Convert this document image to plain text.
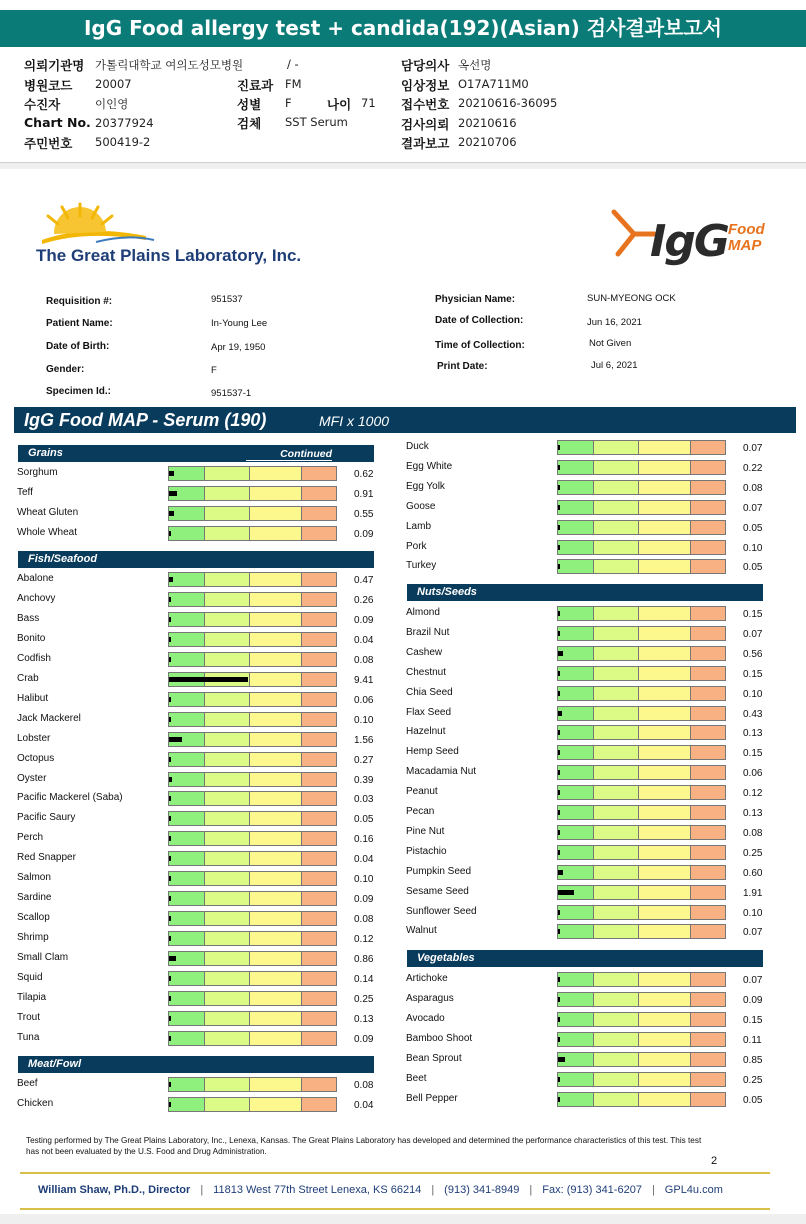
IgG Food allergy test + candida(192)(Asian) 검사결과보고서
의뢰기관명 가톨릭대학교 여의도성모병원	/ -
병원코드 20007
수진자	이인영
Chart No. 20377924
주민번호 500419-2
진료과 FM
성별 F	나이 71
검체 SST Serum
담당의사 옥선명
임상정보 O17A711M0
접수번호 20210616-36095
검사의뢰 20210616
결과보고 20210706
The Great Plains Laboratory, Inc.	IgG Food
MAP
Requisition #:	951537
Patient Name:	In-Young Lee
Date of Birth:	Apr 19, 1950
Gender:	F
Specimen Id.:	951537-1
Physician Name:	SUN-MYEONG OCK
Date of Collection:	Jun 16, 2021
Time of Collection:	Not Given
Print Date:	Jul 6, 2021
IgG Food MAP - Serum (190)	MFI x 1000
Grains	Continued
Sorghum	0.62
Teff	0.91
Wheat Gluten	0.55
Whole Wheat	0.09
Fish/Seafood
Abalone	0.47
Anchovy	0.26
Bass	0.09
Bonito	0.04
Codfish	0.08
Crab	9.41
Halibut	0.06
Jack Mackerel	0.10
Lobster	1.56
Octopus	0.27
Oyster	0.39
Pacific Mackerel (Saba)	0.03
Pacific Saury	0.05
Perch	0.16
Red Snapper	0.04
Salmon	0.10
Sardine	0.09
Scallop	0.08
Shrimp	0.12
Small Clam	0.86
Squid	0.14
Tilapia	0.25
Trout	0.13
Tuna	0.09
Meat/Fowl
Beef	0.08
Chicken	0.04
Duck	0.07
Egg White	0.22
Egg Yolk	0.08
Goose	0.07
Lamb	0.05
Pork	0.10
Turkey	0.05
Nuts/Seeds
Almond	0.15
Brazil Nut	0.07
Cashew	0.56
Chestnut	0.15
Chia Seed	0.10
Flax Seed	0.43
Hazelnut	0.13
Hemp Seed	0.15
Macadamia Nut	0.06
Peanut	0.12
Pecan	0.13
Pine Nut	0.08
Pistachio	0.25
Pumpkin Seed	0.60
Sesame Seed	1.91
Sunflower Seed	0.10
Walnut	0.07
Vegetables
Artichoke	0.07
Asparagus	0.09
Avocado	0.15
Bamboo Shoot	0.11
Bean Sprout	0.85
Beet	0.25
Bell Pepper	0.05
Testing performed by The Great Plains Laboratory, Inc., Lenexa, Kansas. The Great Plains Laboratory has developed and determined the performance characteristics of this test. This test has not been evaluated by the U.S. Food and Drug Administration.
2
William Shaw, Ph.D., Director | 11813 West 77th Street Lenexa, KS 66214 | (913) 341-8949 | Fax: (913) 341-6207 | GPL4u.com
